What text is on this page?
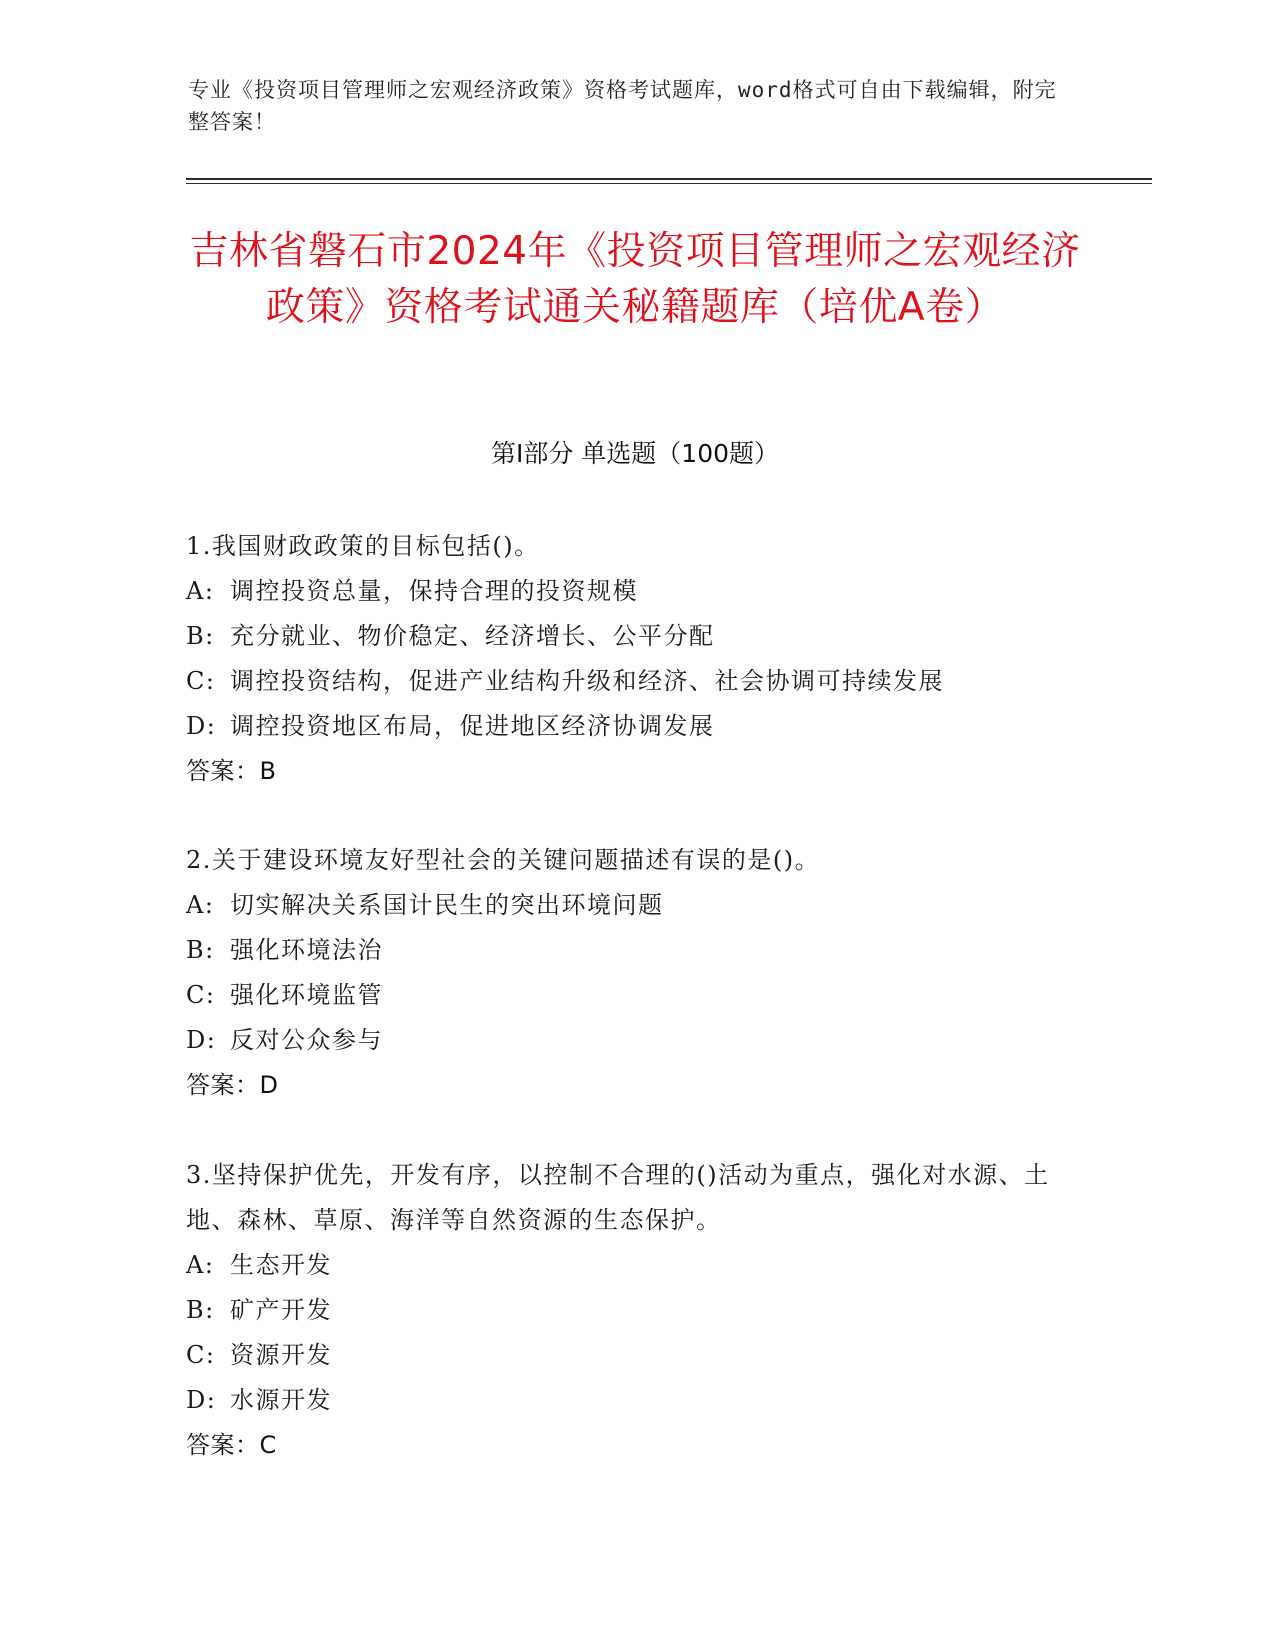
专业《投资项目管理师之宏观经济政策》资格考试题库，word格式可自由下载编辑，附完整答案！
吉林省磐石市2024年《投资项目管理师之宏观经济政策》资格考试通关秘籍题库（培优A卷）
第Ⅰ部分 单选题（100题）
1.我国财政政策的目标包括()。
A: 调控投资总量，保持合理的投资规模
B: 充分就业、物价稳定、经济增长、公平分配
C: 调控投资结构，促进产业结构升级和经济、社会协调可持续发展
D: 调控投资地区布局，促进地区经济协调发展
答案：B
2.关于建设环境友好型社会的关键问题描述有误的是()。
A: 切实解决关系国计民生的突出环境问题
B: 强化环境法治
C: 强化环境监管
D: 反对公众参与
答案：D
3.坚持保护优先，开发有序，以控制不合理的()活动为重点，强化对水源、土地、森林、草原、海洋等自然资源的生态保护。
A: 生态开发
B: 矿产开发
C: 资源开发
D: 水源开发
答案：C
